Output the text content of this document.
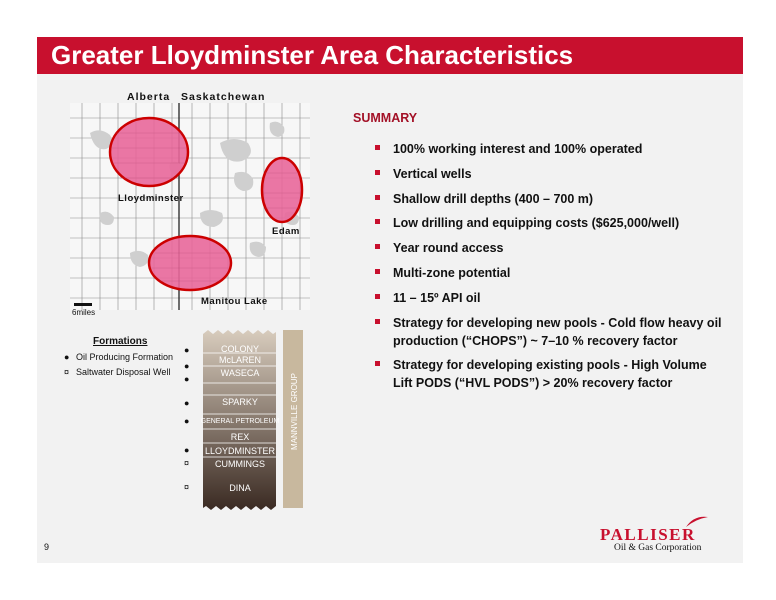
Greater Lloydminster Area Characteristics
Alberta Saskatchewan
Lloydminster
Edam
Manitou Lake
6miles
Formations
● Oil Producing Formation
¤ Saltwater Disposal Well
MANNVILLE GROUP
COLONY
McLAREN
WASECA
SPARKY
GENERAL PETROLEUM
REX
LLOYDMINSTER
CUMMINGS
DINA
●
●
●
●
●
●
¤
¤
SUMMARY
100% working interest and 100% operated
Vertical wells
Shallow drill depths (400 – 700 m)
Low drilling and equipping costs ($625,000/well)
Year round access
Multi-zone potential
11 – 15º API oil
Strategy for developing new pools - Cold flow heavy oil production (“CHOPS”) ~ 7–10 % recovery factor
Strategy for developing existing pools - High Volume Lift PODS (“HVL PODS”) > 20% recovery factor
9
PALLISER
Oil & Gas Corporation
